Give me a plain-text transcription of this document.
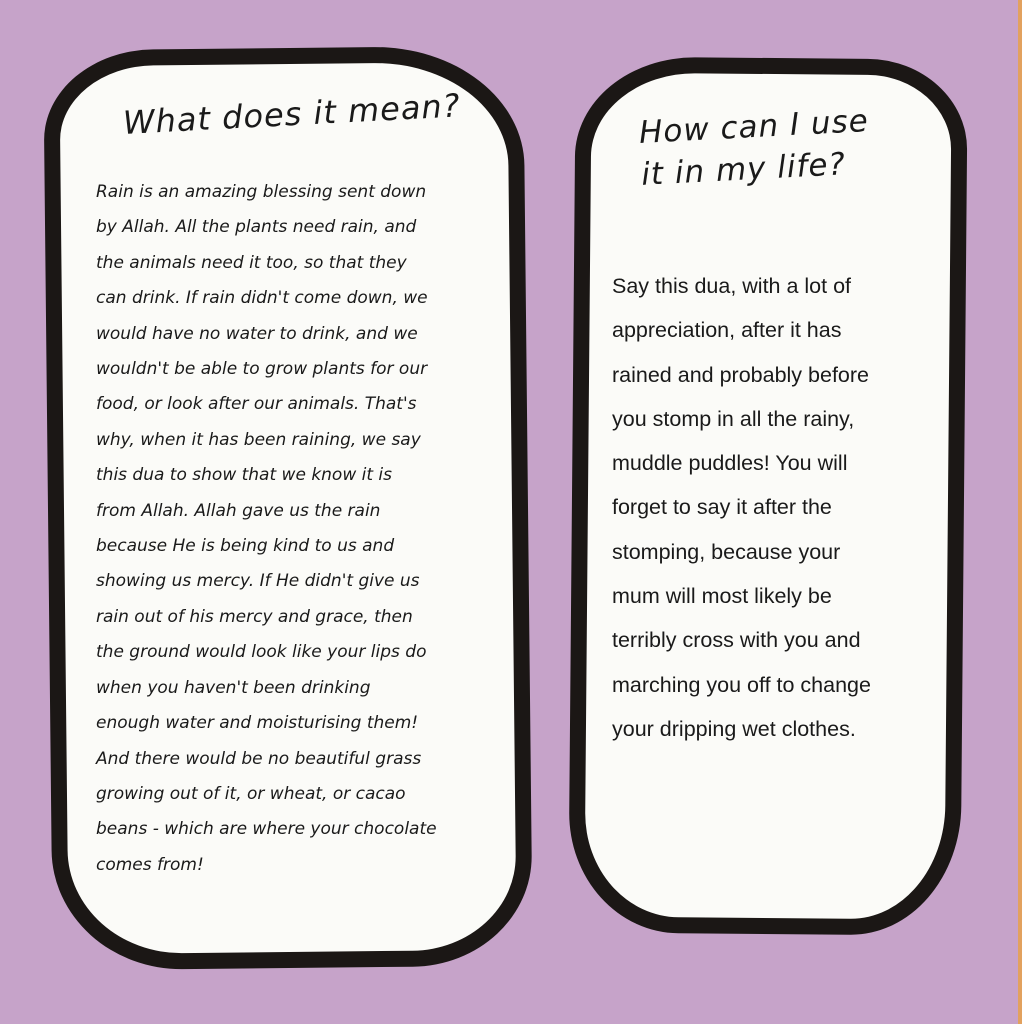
What does it mean?

Rain is an amazing blessing sent down
by Allah. All the plants need rain, and
the animals need it too, so that they
can drink. If rain didn't come down, we
would have no water to drink, and we
wouldn't be able to grow plants for our
food, or look after our animals. That's
why, when it has been raining, we say
this dua to show that we know it is
from Allah. Allah gave us the rain
because He is being kind to us and
showing us mercy. If He didn't give us
rain out of his mercy and grace, then
the ground would look like your lips do
when you haven't been drinking
enough water and moisturising them!
And there would be no beautiful grass
growing out of it, or wheat, or cacao
beans - which are where your chocolate
comes from!

How can I use
it in my life?

Say this dua, with a lot of
appreciation, after it has
rained and probably before
you stomp in all the rainy,
muddle puddles! You will
forget to say it after the
stomping, because your
mum will most likely be
terribly cross with you and
marching you off to change
your dripping wet clothes.
